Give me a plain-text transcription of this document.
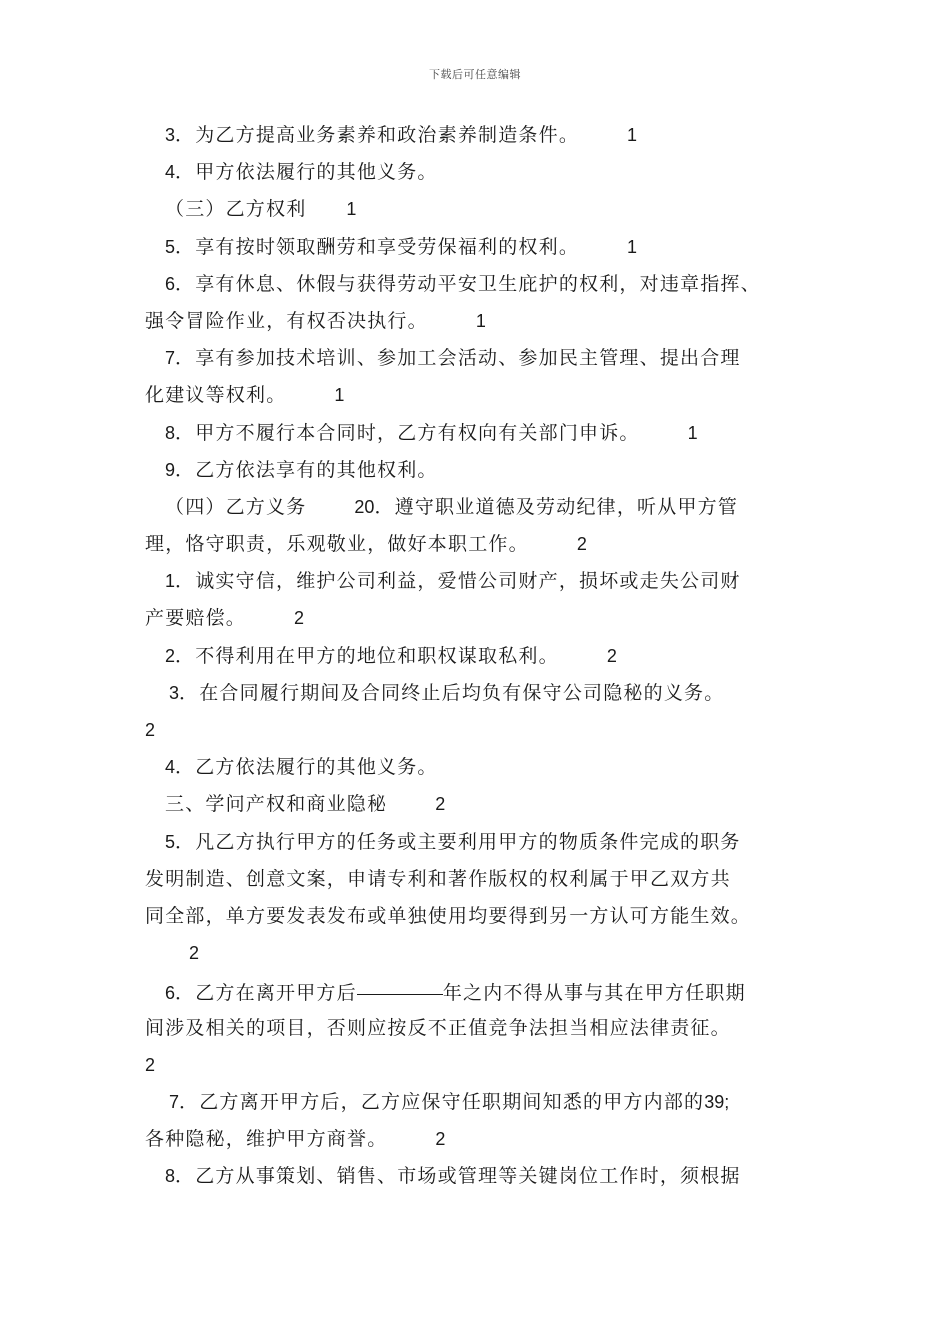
下载后可任意编辑
3．为乙方提高业务素养和政治素养制造条件。	1
4．甲方依法履行的其他义务。
（三）乙方权利 1
5．享有按时领取酬劳和享受劳保福利的权利。	1
6．享有休息、休假与获得劳动平安卫生庇护的权利，对违章指挥、
强令冒险作业，有权否决执行。	1
7．享有参加技术培训、参加工会活动、参加民主管理、提出合理
化建议等权利。	1
8．甲方不履行本合同时，乙方有权向有关部门申诉。	1
9．乙方依法享有的其他权利。
（四）乙方义务	20．遵守职业道德及劳动纪律，听从甲方管
理，恪守职责，乐观敬业，做好本职工作。	2
1．诚实守信，维护公司利益，爱惜公司财产，损坏或走失公司财
产要赔偿。	2
2．不得利用在甲方的地位和职权谋取私利。	2
3．在合同履行期间及合同终止后均负有保守公司隐秘的义务。
2
4．乙方依法履行的其他义务。
三、学问产权和商业隐秘	2
5．凡乙方执行甲方的任务或主要利用甲方的物质条件完成的职务
发明制造、创意文案，申请专利和著作版权的权利属于甲乙双方共
同全部，单方要发表发布或单独使用均要得到另一方认可方能生效。
2
6．乙方在离开甲方后	年之内不得从事与其在甲方任职期
间涉及相关的项目，否则应按反不正值竞争法担当相应法律责征。
2
7．乙方离开甲方后，乙方应保守任职期间知悉的甲方内部的39;
各种隐秘，维护甲方商誉。	2
8．乙方从事策划、销售、市场或管理等关键岗位工作时，须根据
